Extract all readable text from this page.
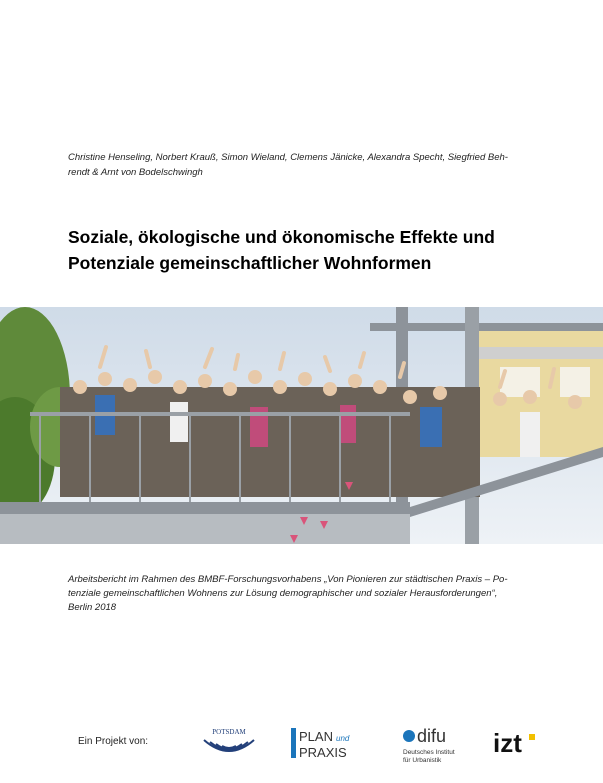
Christine Henseling, Norbert Krauß, Simon Wieland, Clemens Jänicke, Alexandra Specht, Siegfried Beh-
rendt & Arnt von Bodelschwingh
Soziale, ökologische und ökonomische Effekte und
Potenziale gemeinschaftlicher Wohnformen
Arbeitsbericht im Rahmen des BMBF-Forschungsvorhabens „Von Pionieren zur städtischen Praxis – Po-
tenziale gemeinschaftlichen Wohnens zur Lösung demographischer und sozialer Herausforderungen“,
Berlin 2018
Ein Projekt von:
POTSDAM	PLAN und
PRAXIS
difu
Deutsches Institut
für Urbanistik
izt
